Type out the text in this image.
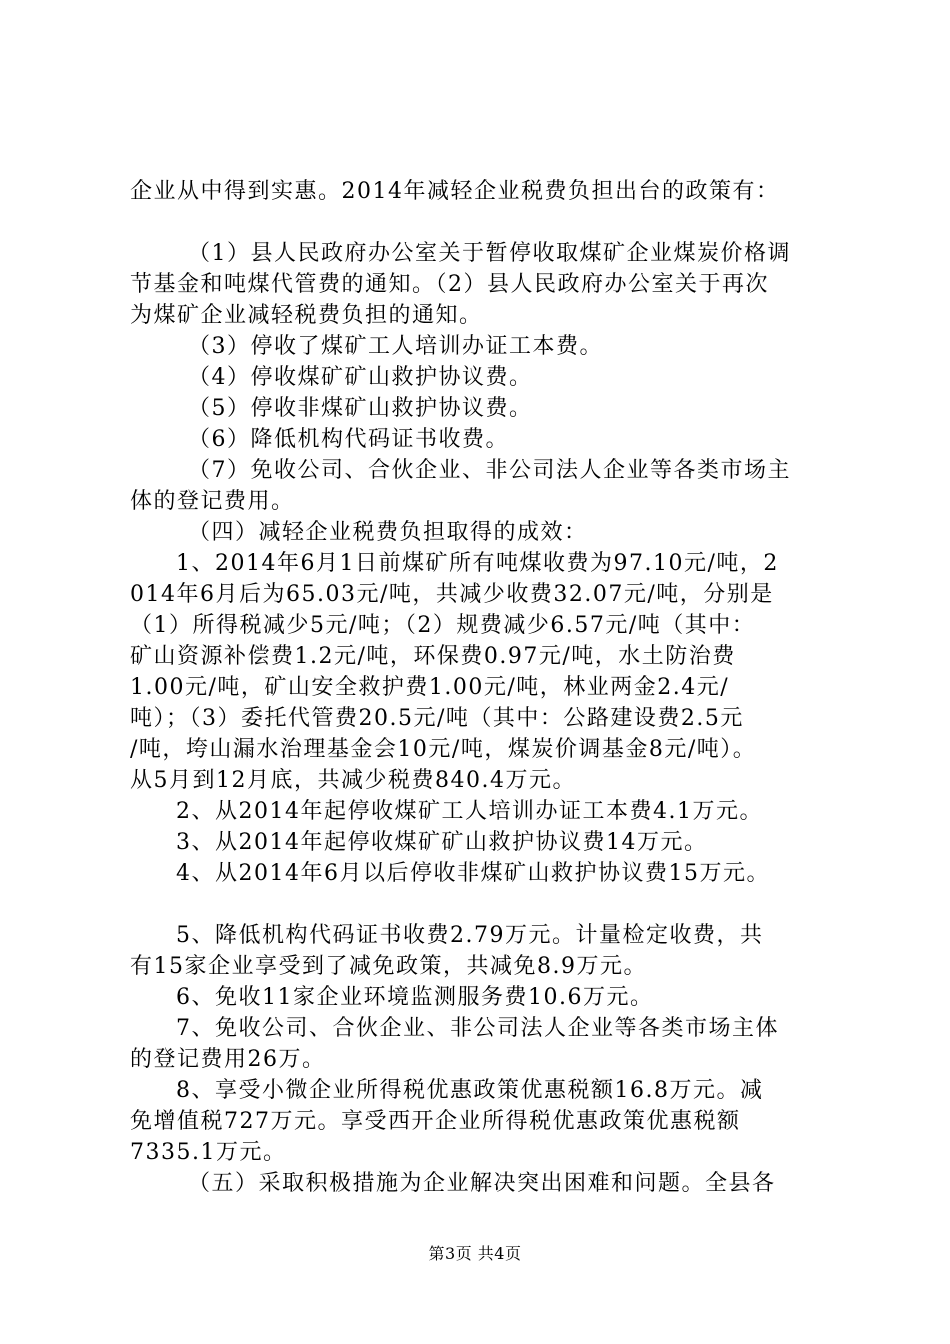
企业从中得到实惠。2014年减轻企业税费负担出台的政策有：
（1）县人民政府办公室关于暂停收取煤矿企业煤炭价格调
节基金和吨煤代管费的通知。（2）县人民政府办公室关于再次
为煤矿企业减轻税费负担的通知。
（3）停收了煤矿工人培训办证工本费。
（4）停收煤矿矿山救护协议费。
（5）停收非煤矿山救护协议费。
（6）降低机构代码证书收费。
（7）免收公司、合伙企业、非公司法人企业等各类市场主
体的登记费用。
（四）减轻企业税费负担取得的成效：
1、2014年6月1日前煤矿所有吨煤收费为97.10元/吨，2
014年6月后为65.03元/吨，共减少收费32.07元/吨，分别是
（1）所得税减少5元/吨；（2）规费减少6.57元/吨（其中：
矿山资源补偿费1.2元/吨，环保费0.97元/吨，水土防治费
1.00元/吨，矿山安全救护费1.00元/吨，林业两金2.4元/
吨）；（3）委托代管费20.5元/吨（其中：公路建设费2.5元
/吨，垮山漏水治理基金会10元/吨，煤炭价调基金8元/吨）。
从5月到12月底，共减少税费840.4万元。
2、从2014年起停收煤矿工人培训办证工本费4.1万元。
3、从2014年起停收煤矿矿山救护协议费14万元。
4、从2014年6月以后停收非煤矿山救护协议费15万元。
5、降低机构代码证书收费2.79万元。计量检定收费，共
有15家企业享受到了减免政策，共减免8.9万元。
6、免收11家企业环境监测服务费10.6万元。
7、免收公司、合伙企业、非公司法人企业等各类市场主体
的登记费用26万。
8、享受小微企业所得税优惠政策优惠税额16.8万元。减
免增值税727万元。享受西开企业所得税优惠政策优惠税额
7335.1万元。
（五）采取积极措施为企业解决突出困难和问题。全县各
第3页 共4页
